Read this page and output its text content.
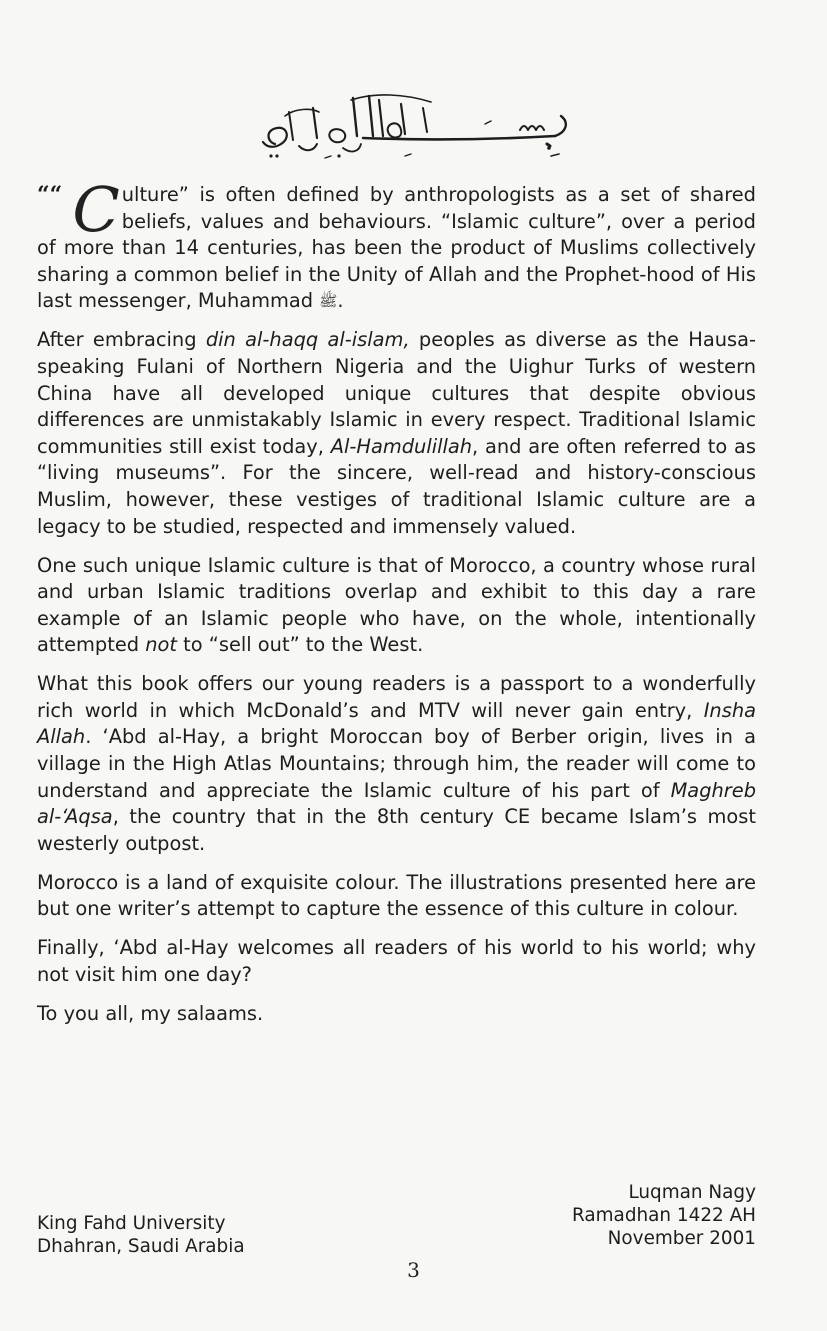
““ C ulture” is often defined by anthropologists as a set of shared beliefs, values and behaviours. “Islamic culture”, over a period of more than 14 centuries, has been the product of Muslims collectively sharing a common belief in the Unity of Allah and the Prophet-hood of His last messenger, Muhammad ﷺ.

After embracing din al-haqq al-islam, peoples as diverse as the Hausa-speaking Fulani of Northern Nigeria and the Uighur Turks of western China have all developed unique cultures that despite obvious differences are unmistakably Islamic in every respect. Traditional Islamic communities still exist today, Al-Hamdulillah, and are often referred to as “living museums”. For the sincere, well-read and history-conscious Muslim, however, these vestiges of traditional Islamic culture are a legacy to be studied, respected and immensely valued.

One such unique Islamic culture is that of Morocco, a country whose rural and urban Islamic traditions overlap and exhibit to this day a rare example of an Islamic people who have, on the whole, intentionally attempted not to “sell out” to the West.

What this book offers our young readers is a passport to a wonderfully rich world in which McDonald’s and MTV will never gain entry, Insha Allah. ‘Abd al-Hay, a bright Moroccan boy of Berber origin, lives in a village in the High Atlas Mountains; through him, the reader will come to understand and appreciate the Islamic culture of his part of Maghreb al-‘Aqsa, the country that in the 8th century CE became Islam’s most westerly outpost.

Morocco is a land of exquisite colour. The illustrations presented here are but one writer’s attempt to capture the essence of this culture in colour.

Finally, ‘Abd al-Hay welcomes all readers of his world to his world; why not visit him one day?

To you all, my salaams.

Luqman Nagy
Ramadhan 1422 AH
November 2001
King Fahd University
Dhahran, Saudi Arabia
3
